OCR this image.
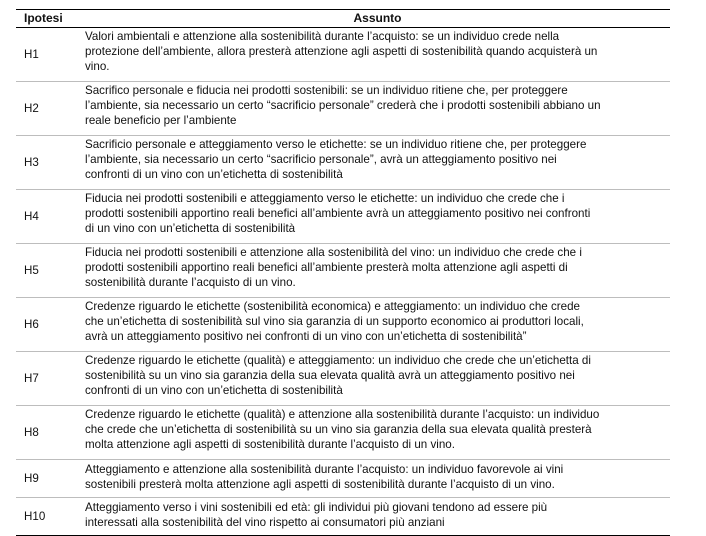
Ipotesi	Assunto
H1	Valori ambientali e attenzione alla sostenibilità durante l’acquisto: se un individuo crede nella
protezione dell’ambiente, allora presterà attenzione agli aspetti di sostenibilità quando acquisterà un
vino.

H2	Sacrifico personale e fiducia nei prodotti sostenibili: se un individuo ritiene che, per proteggere
l’ambiente, sia necessario un certo “sacrificio personale” crederà che i prodotti sostenibili abbiano un
reale beneficio per l’ambiente

H3	Sacrificio personale e atteggiamento verso le etichette: se un individuo ritiene che, per proteggere
l’ambiente, sia necessario un certo “sacrificio personale”, avrà un atteggiamento positivo nei
confronti di un vino con un’etichetta di sostenibilità

H4	Fiducia nei prodotti sostenibili e atteggiamento verso le etichette: un individuo che crede che i
prodotti sostenibili apportino reali benefici all’ambiente avrà un atteggiamento positivo nei confronti
di un vino con un’etichetta di sostenibilità

H5	Fiducia nei prodotti sostenibili e attenzione alla sostenibilità del vino: un individuo che crede che i
prodotti sostenibili apportino reali benefici all’ambiente presterà molta attenzione agli aspetti di
sostenibilità durante l’acquisto di un vino.

H6	Credenze riguardo le etichette (sostenibilità economica) e atteggiamento: un individuo che crede
che un’etichetta di sostenibilità sul vino sia garanzia di un supporto economico ai produttori locali,
avrà un atteggiamento positivo nei confronti di un vino con un’etichetta di sostenibilità”

H7	Credenze riguardo le etichette (qualità) e atteggiamento: un individuo che crede che un’etichetta di
sostenibilità su un vino sia garanzia della sua elevata qualità avrà un atteggiamento positivo nei
confronti di un vino con un’etichetta di sostenibilità

H8	Credenze riguardo le etichette (qualità) e attenzione alla sostenibilità durante l’acquisto: un individuo
che crede che un’etichetta di sostenibilità su un vino sia garanzia della sua elevata qualità presterà
molta attenzione agli aspetti di sostenibilità durante l’acquisto di un vino.

H9	Atteggiamento e attenzione alla sostenibilità durante l’acquisto: un individuo favorevole ai vini
sostenibili presterà molta attenzione agli aspetti di sostenibilità durante l’acquisto di un vino.

H10	Atteggiamento verso i vini sostenibili ed età: gli individui più giovani tendono ad essere più
interessati alla sostenibilità del vino rispetto ai consumatori più anziani
